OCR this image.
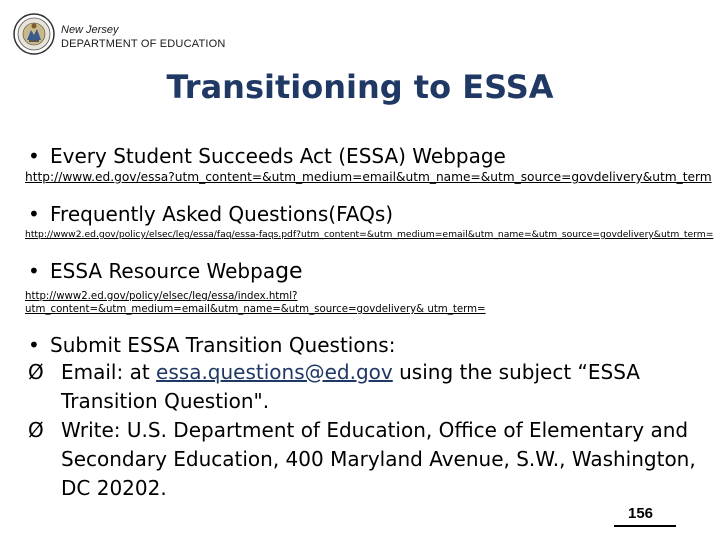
New Jersey
DEPARTMENT OF EDUCATION
Transitioning to ESSA
• Every Student Succeeds Act (ESSA) Webpage
http://www.ed.gov/essa?utm_content=&utm_medium=email&utm_name=&utm_source=govdelivery&utm_term
• Frequently Asked Questions(FAQs)
http://www2.ed.gov/policy/elsec/leg/essa/faq/essa-faqs.pdf?utm_content=&utm_medium=email&utm_name=&utm_source=govdelivery&utm_term=
• ESSA Resource Webpage
http://www2.ed.gov/policy/elsec/leg/essa/index.html?utm_content=&utm_medium=email&utm_name=&utm_source=govdelivery& utm_term=
• Submit ESSA Transition Questions:
Ø Email: at essa.questions@ed.gov using the subject “ESSA Transition Question".
Ø Write: U.S. Department of Education, Office of Elementary and Secondary Education, 400 Maryland Avenue, S.W., Washington, DC 20202.
156
